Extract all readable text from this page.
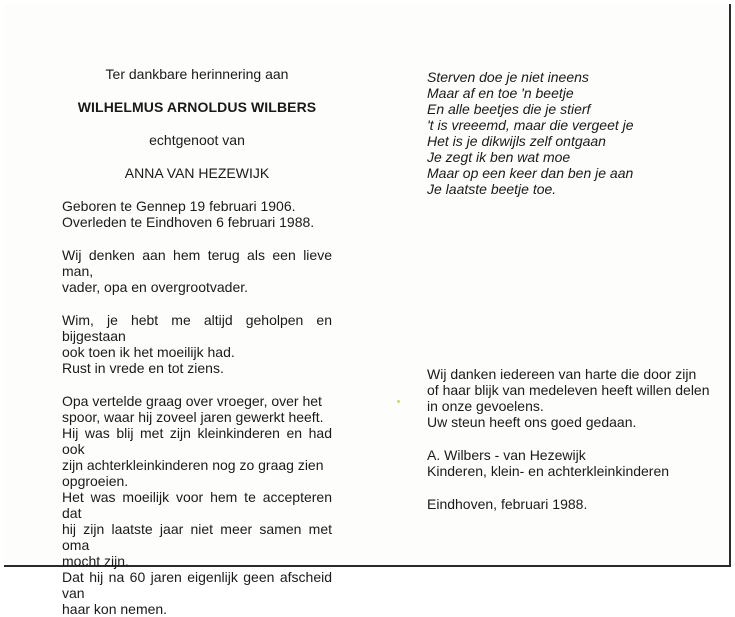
Ter dankbare herinnering aan

WILHELMUS ARNOLDUS WILBERS

echtgenoot van

ANNA VAN HEZEWIJK

Geboren te Gennep 19 februari 1906.
Overleden te Eindhoven 6 februari 1988.

Wij denken aan hem terug als een lieve man,
vader, opa en overgrootvader.

Wim, je hebt me altijd geholpen en bijgestaan
ook toen ik het moeilijk had.
Rust in vrede en tot ziens.

Opa vertelde graag over vroeger, over het
spoor, waar hij zoveel jaren gewerkt heeft.
Hij was blij met zijn kleinkinderen en had ook
zijn achterkleinkinderen nog zo graag zien
opgroeien.
Het was moeilijk voor hem te accepteren dat
hij zijn laatste jaar niet meer samen met oma
mocht zijn.
Dat hij na 60 jaren eigenlijk geen afscheid van
haar kon nemen.

Sterven doe je niet ineens
Maar af en toe 'n beetje
En alle beetjes die je stierf
't is vreeemd, maar die vergeet je
Het is je dikwijls zelf ontgaan
Je zegt ik ben wat moe
Maar op een keer dan ben je aan
Je laatste beetje toe.

Wij danken iedereen van harte die door zijn
of haar blijk van medeleven heeft willen delen
in onze gevoelens.
Uw steun heeft ons goed gedaan.

A. Wilbers - van Hezewijk
Kinderen, klein- en achterkleinkinderen

Eindhoven, februari 1988.
